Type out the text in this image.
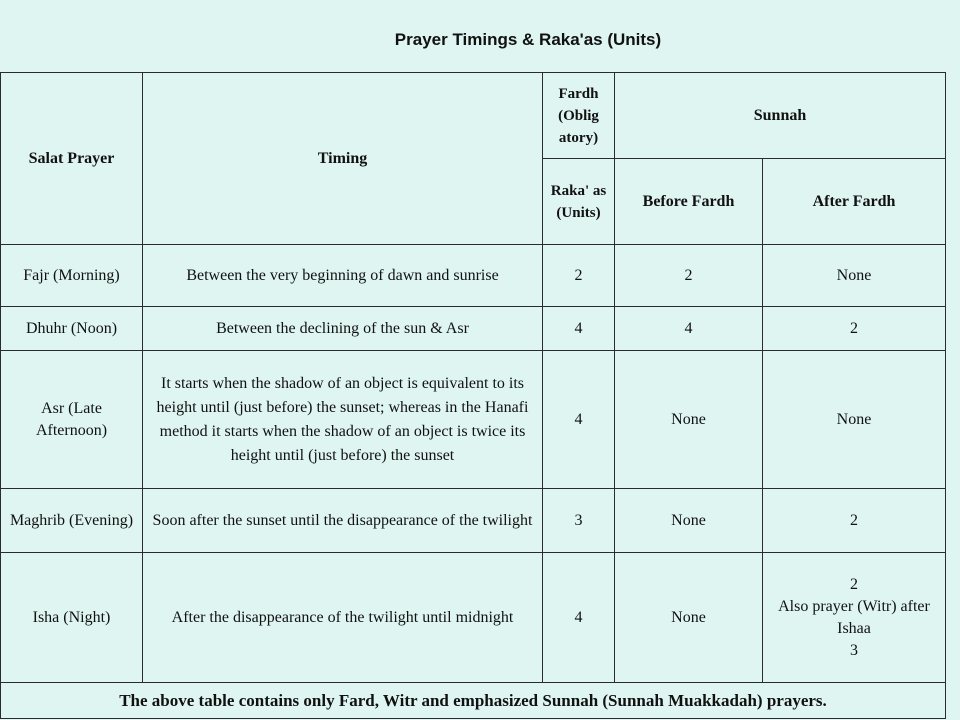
Prayer Timings & Raka'as (Units)
Salat Prayer	Timing	Fardh (Oblig atory)	Sunnah	
		Raka' as (Units)	Before Fardh	After Fardh
Fajr (Morning)	Between the very beginning of dawn and sunrise	2	2	None
Dhuhr (Noon)	Between the declining of the sun & Asr	4	4	2
Asr (Late Afternoon)	It starts when the shadow of an object is equivalent to its height until (just before) the sunset; whereas in the Hanafi method it starts when the shadow of an object is twice its height until (just before) the sunset	4	None	None
Maghrib (Evening)	Soon after the sunset until the disappearance of the twilight	3	None	2
Isha (Night)	After the disappearance of the twilight until midnight	4	None	2
Also prayer (Witr) after Ishaa
3

The above table contains only Fard, Witr and emphasized Sunnah (Sunnah Muakkadah) prayers.				
